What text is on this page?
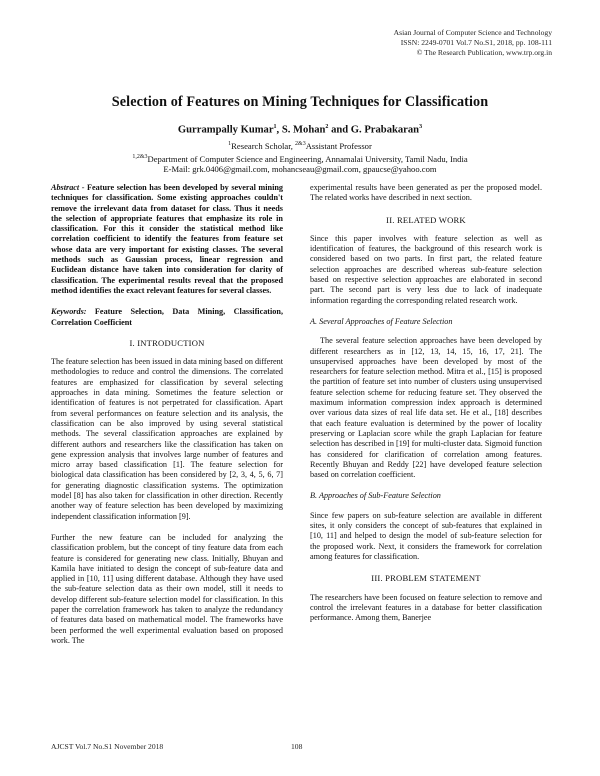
Asian Journal of Computer Science and Technology
ISSN: 2249-0701 Vol.7 No.S1, 2018, pp. 108-111
© The Research Publication, www.trp.org.in
Selection of Features on Mining Techniques for Classification
Gurrampally Kumar$^1$, S. Mohan$^2$ and G. Prabakaran$^3$
$^1$Research Scholar, $^{2\&3}$Assistant Professor
$^{1,2\&3}$Department of Computer Science and Engineering, Annamalai University, Tamil Nadu, India
E-Mail: grk.0406@gmail.com, mohancseau@gmail.com, gpaucse@yahoo.com

Abstract - Feature selection has been developed by several mining techniques for classification. Some existing approaches couldn't remove the irrelevant data from dataset for class. Thus it needs the selection of appropriate features that emphasize its role in classification. For this it consider the statistical method like correlation coefficient to identify the features from feature set whose data are very important for existing classes. The several methods such as Gaussian process, linear regression and Euclidean distance have taken into consideration for clarity of classification. The experimental results reveal that the proposed method identifies the exact relevant features for several classes.

Keywords: Feature Selection, Data Mining, Classification, Correlation Coefficient

I. INTRODUCTION

The feature selection has been issued in data mining based on different methodologies to reduce and control the dimensions. The correlated features are emphasized for classification by several selecting approaches in data mining. Sometimes the feature selection or identification of features is not perpetrated for classification. Apart from several performances on feature selection and its analysis, the classification can be also improved by using several statistical methods. The several classification approaches are explained by different authors and researchers like the classification has taken on gene expression analysis that involves large number of features and micro array based classification [1]. The feature selection for biological data classification has been considered by [2, 3, 4, 5, 6, 7] for generating diagnostic classification systems. The optimization model [8] has also taken for classification in other direction. Recently another way of feature selection has been developed by maximizing independent classification information [9].

Further the new feature can be included for analyzing the classification problem, but the concept of tiny feature data from each feature is considered for generating new class. Initially, Bhuyan and Kamila have initiated to design the concept of sub-feature data and applied in [10, 11] using different database. Although they have used the sub-feature selection data as their own model, still it needs to develop different sub-feature selection model for classification. In this paper the correlation framework has taken to analyze the redundancy of features data based on mathematical model. The frameworks have been performed the well experimental evaluation based on proposed work. The

experimental results have been generated as per the proposed model. The related works have described in next section.

II. RELATED WORK

Since this paper involves with feature selection as well as identification of features, the background of this research work is considered based on two parts. In first part, the related feature selection approaches are described whereas sub-feature selection based on respective selection approaches are elaborated in second part. The second part is very less due to lack of inadequate information regarding the corresponding related research work.

A. Several Approaches of Feature Selection

The several feature selection approaches have been developed by different researchers as in [12, 13, 14, 15, 16, 17, 21]. The unsupervised approaches have been developed by most of the researchers for feature selection method. Mitra et al., [15] is proposed the partition of feature set into number of clusters using unsupervised feature selection scheme for reducing feature set. They observed the maximum information compression index approach is determined over various data sizes of real life data set. He et al., [18] describes that each feature evaluation is determined by the power of locality preserving or Laplacian score while the graph Laplacian for feature selection has described in [19] for multi-cluster data. Sigmoid function has considered for clarification of correlation among features. Recently Bhuyan and Reddy [22] have developed feature selection based on correlation coefficient.

B. Approaches of Sub-Feature Selection

Since few papers on sub-feature selection are available in different sites, it only considers the concept of sub-features that explained in [10, 11] and helped to design the model of sub-feature selection for the proposed work. Next, it considers the framework for correlation among features for classification.

III. PROBLEM STATEMENT

The researchers have been focused on feature selection to remove and control the irrelevant features in a database for better classification performance. Among them, Banerjee

AJCST Vol.7 No.S1 November 2018	108
